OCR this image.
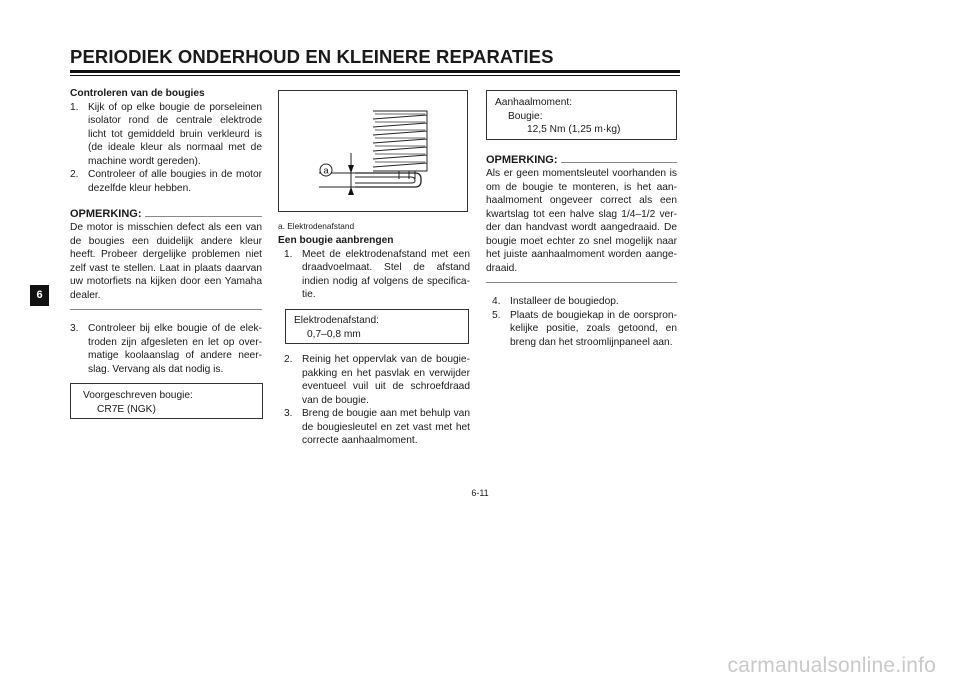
PERIODIEK ONDERHOUD EN KLEINERE REPARATIES
6
Controleren van de bougies
1. Kijk of op elke bougie de porseleinen isolator rond de centrale elektrode licht tot gemiddeld bruin verkleurd is (de ideale kleur als normaal met de machine wordt gereden).
2. Controleer of alle bougies in de motor dezelfde kleur hebben.
OPMERKING:
De motor is misschien defect als een van de bougies een duidelijk andere kleur heeft. Probeer dergelijke problemen niet zelf vast te stellen. Laat in plaats daarvan uw motorfiets na kijken door een Yamaha dealer.
3. Controleer bij elke bougie of de elek-troden zijn afgesleten en let op over-matige koolaanslag of andere neer-slag. Vervang als dat nodig is.
Voorgeschreven bougie:
CR7E (NGK)
a
a. Elektrodenafstand
Een bougie aanbrengen
1. Meet de elektrodenafstand met een draadvoelmaat. Stel de afstand indien nodig af volgens de specifica-tie.
Elektrodenafstand:
0,7–0,8 mm
2. Reinig het oppervlak van de bougie-pakking en het pasvlak en verwijder eventueel vuil uit de schroefdraad van de bougie.
3. Breng de bougie aan met behulp van de bougiesleutel en zet vast met het correcte aanhaalmoment.
Aanhaalmoment:
Bougie:
12,5 Nm (1,25 m·kg)
OPMERKING:
Als er geen momentsleutel voorhanden is om de bougie te monteren, is het aan-haalmoment ongeveer correct als een kwartslag tot een halve slag 1/4–1/2 ver-der dan handvast wordt aangedraaid. De bougie moet echter zo snel mogelijk naar het juiste aanhaalmoment worden aange-draaid.
4. Installeer de bougiedop.
5. Plaats de bougiekap in de oorspron-kelijke positie, zoals getoond, en breng dan het stroomlijnpaneel aan.
6-11
carmanualsonline.info
